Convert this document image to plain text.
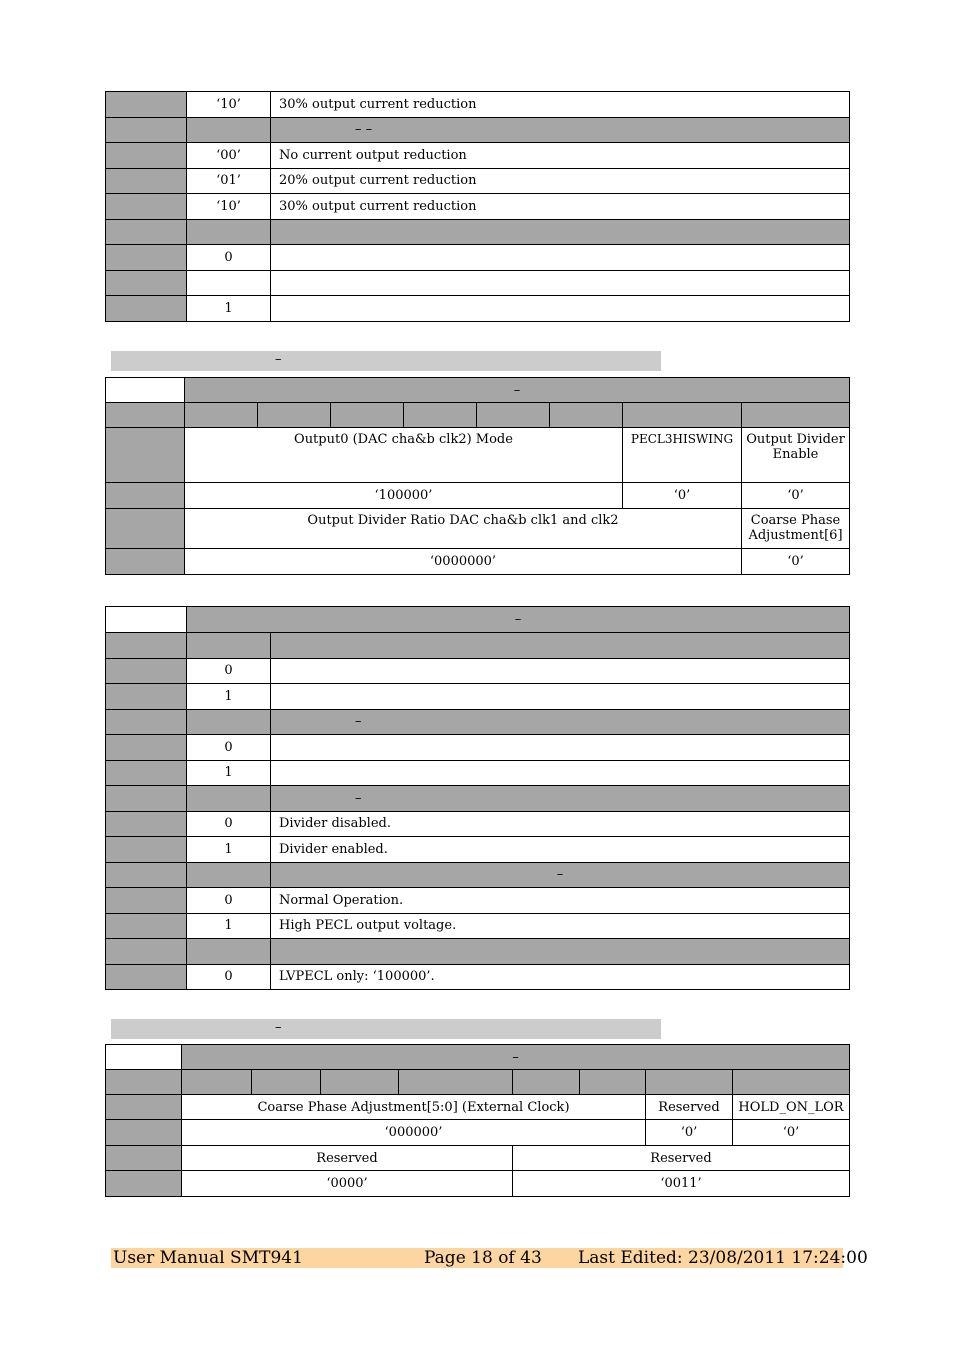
	‘10’	30% output current reduction
		– –
	‘00’	No current output reduction
	‘01’	20% output current reduction
	‘10’	30% output current reduction

	0	

	1	
–
	–							

	Output0 (DAC cha&b clk2) Mode						PECL3HISWING	Output Divider Enable
	‘100000’						‘0’	‘0’
	Output Divider Ratio DAC cha&b clk1 and clk2							Coarse Phase Adjustment[6]
	‘0000000’							‘0’
	–	

	0	
	1	
		–
	0	
	1	
		–
	0	Divider disabled.
	1	Divider enabled.
		–
	0	Normal Operation.
	1	High PECL output voltage.

	0	LVPECL only: ‘100000’.
–
	–							

	Coarse Phase Adjustment[5:0] (External Clock)						Reserved	HOLD_ON_LOR
	‘000000’						‘0’	‘0’
	Reserved				Reserved			
	‘0000’				‘0011’			
User Manual SMT941	Page 18 of 43 Last Edited: 23/08/2011 17:24:00
